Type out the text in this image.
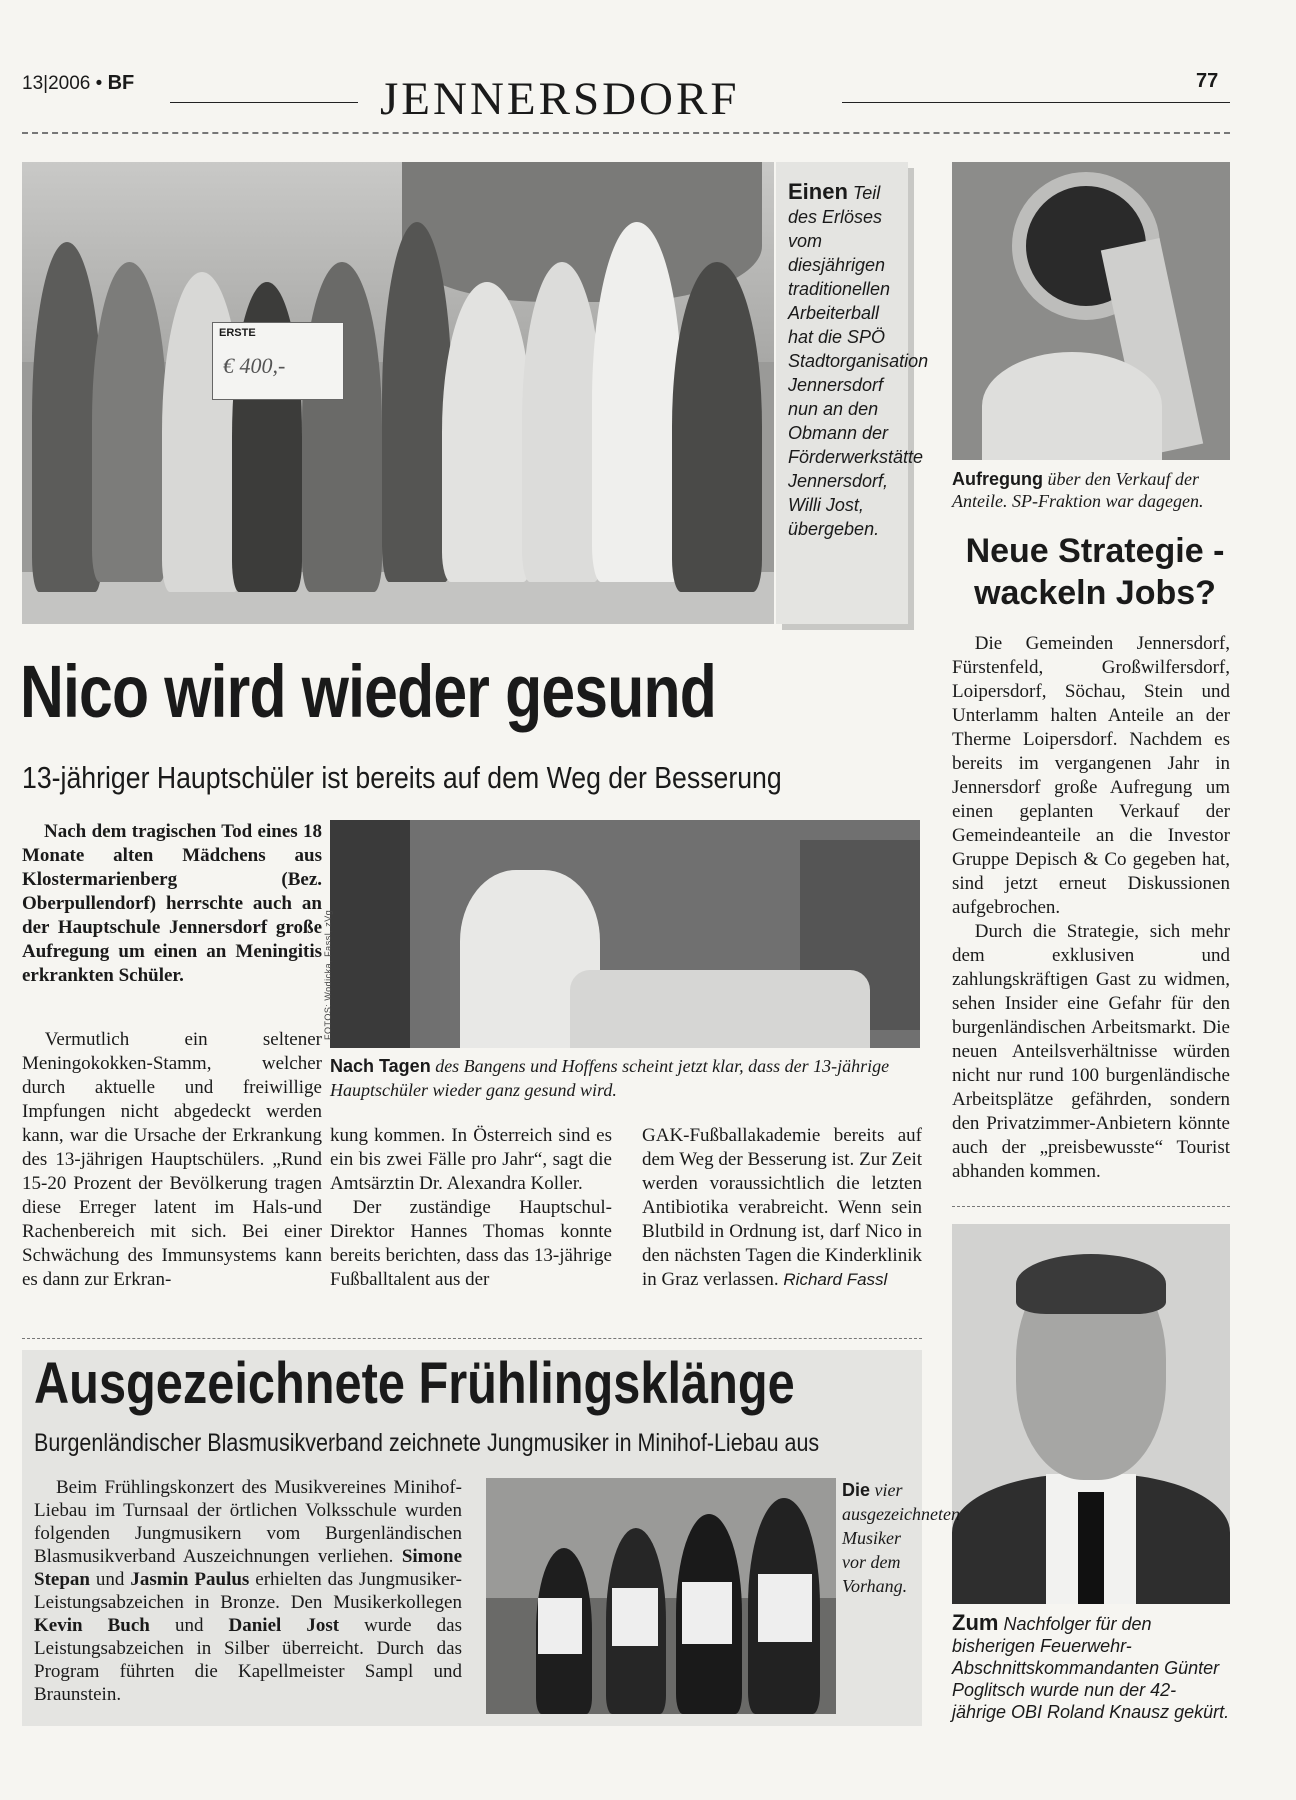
13|2006 • BF	JENNERSDORF	77
ERSTE
€ 400,-
Einen Teil des Erlöses vom diesjährigen traditionellen Arbeiterball hat die SPÖ Stadtorganisation Jennersdorf nun an den Obmann der Förderwerkstätte Jennersdorf, Willi Jost, übergeben.
Nico wird wieder gesund
13-jähriger Hauptschüler ist bereits auf dem Weg der Besserung
Nach dem tragischen Tod eines 18 Monate alten Mädchens aus Klostermarienberg (Bez. Oberpullendorf) herrschte auch an der Hauptschule Jennersdorf große Aufregung um einen an Meningitis erkrankten Schüler.	FOTOS: Wodicka, Fassl, zVg
Nach Tagen des Bangens und Hoffens scheint jetzt klar, dass der 13-jährige Hauptschüler wieder ganz gesund wird.

Vermutlich ein seltener Meningokokken-Stamm, welcher durch aktuelle und freiwillige Impfungen nicht abgedeckt werden kann, war die Ursache der Erkrankung des 13-jährigen Hauptschülers. „Rund 15-20 Prozent der Bevölkerung tragen diese Erreger latent im Hals-und Rachenbereich mit sich. Bei einer Schwächung des Immunsystems kann es dann zur Erkran-

kung kommen. In Österreich sind es ein bis zwei Fälle pro Jahr“, sagt die Amtsärztin Dr. Alexandra Koller.

Der zuständige Hauptschul-Direktor Hannes Thomas konnte bereits berichten, dass das 13-jährige Fußballtalent aus der

GAK-Fußballakademie bereits auf dem Weg der Besserung ist. Zur Zeit werden voraussichtlich die letzten Antibiotika verabreicht. Wenn sein Blutbild in Ordnung ist, darf Nico in den nächsten Tagen die Kinderklinik in Graz verlassen. Richard Fassl

Aufregung über den Verkauf der Anteile. SP-Fraktion war dagegen.
Neue Strategie - wackeln Jobs?

Die Gemeinden Jennersdorf, Fürstenfeld, Großwilfersdorf, Loipersdorf, Söchau, Stein und Unterlamm halten Anteile an der Therme Loipersdorf. Nachdem es bereits im vergangenen Jahr in Jennersdorf große Aufregung um einen geplanten Verkauf der Gemeindeanteile an die Investor Gruppe Depisch & Co gegeben hat, sind jetzt erneut Diskussionen aufgebrochen.

Durch die Strategie, sich mehr dem exklusiven und zahlungskräftigen Gast zu widmen, sehen Insider eine Gefahr für den burgenländischen Arbeitsmarkt. Die neuen Anteilsverhältnisse würden nicht nur rund 100 burgenländische Arbeitsplätze gefährden, sondern den Privatzimmer-Anbietern könnte auch der „preisbewusste“ Tourist abhanden kommen.

Zum Nachfolger für den bisherigen Feuerwehr-Abschnittskommandanten Günter Poglitsch wurde nun der 42-jährige OBI Roland Knausz gekürt.
Ausgezeichnete Frühlingsklänge
Burgenländischer Blasmusikverband zeichnete Jungmusiker in Minihof-Liebau aus
Beim Frühlingskonzert des Musikvereines Minihof-Liebau im Turnsaal der örtlichen Volksschule wurden folgenden Jungmusikern vom Burgenländischen Blasmusikverband Auszeichnungen verliehen. Simone Stepan und Jasmin Paulus erhielten das Jungmusiker-Leistungsabzeichen in Bronze. Den Musikerkollegen Kevin Buch und Daniel Jost wurde das Leistungsabzeichen in Silber überreicht. Durch das Program führten die Kapellmeister Sampl und Braunstein.
Die vier ausgezeichneten Musiker vor dem Vorhang.
